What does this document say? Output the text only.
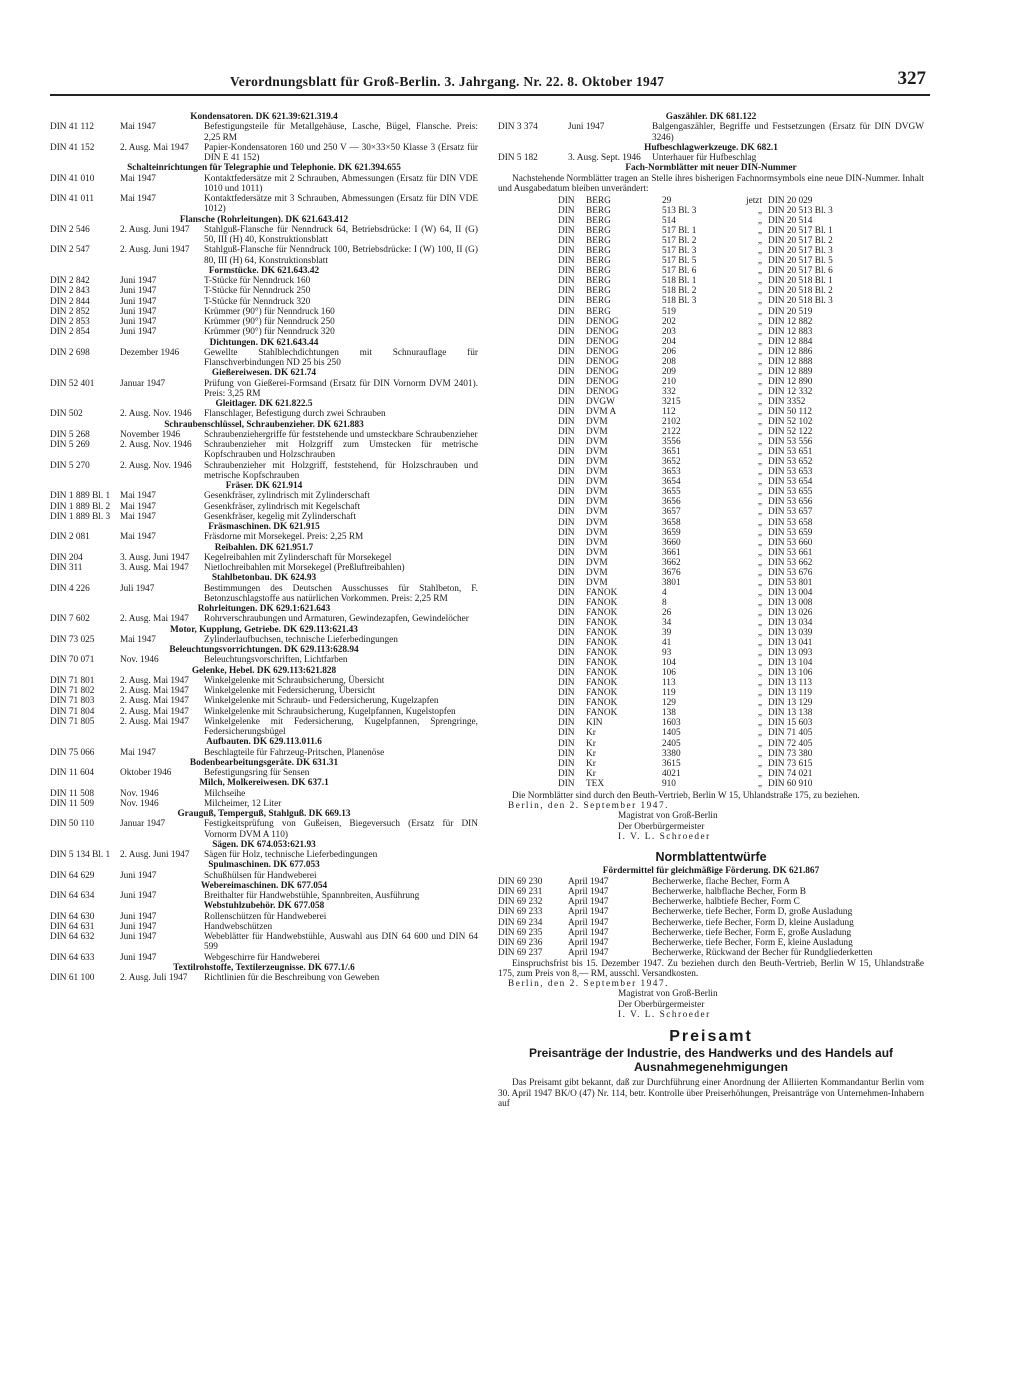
Verordnungsblatt für Groß-Berlin. 3. Jahrgang. Nr. 22. 8. Oktober 1947	327
Kondensatoren. DK 621.39:621.319.4
DIN 41 112	Mai 1947	Befestigungsteile für Metallgehäuse, Lasche, Bügel, Flansche. Preis: 2,25 RM
DIN 41 152	2. Ausg. Mai 1947	Papier-Kondensatoren 160 und 250 V — 30×33×50 Klasse 3 (Ersatz für DIN E 41 152)
Schalteinrichtungen für Telegraphie und Telephonie. DK 621.394.655
DIN 41 010	Mai 1947	Kontaktfedersätze mit 2 Schrauben, Abmessungen (Ersatz für DIN VDE 1010 und 1011)
DIN 41 011	Mai 1947	Kontaktfedersätze mit 3 Schrauben, Abmessungen (Ersatz für DIN VDE 1012)
Flansche (Rohrleitungen). DK 621.643.412
DIN 2 546	2. Ausg. Juni 1947	Stahlguß-Flansche für Nenndruck 64, Betriebsdrücke: I (W) 64, II (G) 50, III (H) 40, Konstruktionsblatt
DIN 2 547	2. Ausg. Juni 1947	Stahlguß-Flansche für Nenndruck 100, Betriebsdrücke: I (W) 100, II (G) 80, III (H) 64, Konstruktionsblatt
Formstücke. DK 621.643.42
DIN 2 842	Juni 1947	T-Stücke für Nenndruck 160
DIN 2 843	Juni 1947	T-Stücke für Nenndruck 250
DIN 2 844	Juni 1947	T-Stücke für Nenndruck 320
DIN 2 852	Juni 1947	Krümmer (90°) für Nenndruck 160
DIN 2 853	Juni 1947	Krümmer (90°) für Nenndruck 250
DIN 2 854	Juni 1947	Krümmer (90°) für Nenndruck 320
Dichtungen. DK 621.643.44
DIN 2 698	Dezember 1946	Gewellte Stahlblechdichtungen mit Schnurauflage für Flanschverbindungen ND 25 bis 250
Gießereiwesen. DK 621.74
DIN 52 401	Januar 1947	Prüfung von Gießerei-Formsand (Ersatz für DIN Vornorm DVM 2401). Preis: 3,25 RM
Gleitlager. DK 621.822.5
DIN 502	2. Ausg. Nov. 1946	Flanschlager, Befestigung durch zwei Schrauben
Schraubenschlüssel, Schraubenzieher. DK 621.883
DIN 5 268	November 1946	Schraubenziehergriffe für feststehende und umsteckbare Schraubenzieher
DIN 5 269	2. Ausg. Nov. 1946	Schraubenzieher mit Holzgriff zum Umstecken für metrische Kopfschrauben und Holzschrauben
DIN 5 270	2. Ausg. Nov. 1946	Schraubenzieher mit Holzgriff, feststehend, für Holzschrauben und metrische Kopfschrauben
Fräser. DK 621.914
DIN 1 889 Bl. 1	Mai 1947	Gesenkfräser, zylindrisch mit Zylinderschaft
DIN 1 889 Bl. 2	Mai 1947	Gesenkfräser, zylindrisch mit Kegelschaft
DIN 1 889 Bl. 3	Mai 1947	Gesenkfräser, kegelig mit Zylinderschaft
Fräsmaschinen. DK 621.915
DIN 2 081	Mai 1947	Fräsdorne mit Morsekegel. Preis: 2,25 RM
Reibahlen. DK 621.951.7
DIN 204	3. Ausg. Juni 1947	Kegelreibahlen mit Zylinderschaft für Morsekegel
DIN 311	3. Ausg. Mai 1947	Nietlochreibahlen mit Morsekegel (Preßluftreibahlen)
Stahlbetonbau. DK 624.93
DIN 4 226	Juli 1947	Bestimmungen des Deutschen Ausschusses für Stahlbeton, F. Betonzuschlagstoffe aus natürlichen Vorkommen. Preis: 2,25 RM
Rohrleitungen. DK 629.1:621.643
DIN 7 602	2. Ausg. Mai 1947	Rohrverschraubungen und Armaturen, Gewindezapfen, Gewindelöcher
Motor, Kupplung, Getriebe. DK 629.113:621.43
DIN 73 025	Mai 1947	Zylinderlaufbuchsen, technische Lieferbedingungen
Beleuchtungsvorrichtungen. DK 629.113:628.94
DIN 70 071	Nov. 1946	Beleuchtungsvorschriften, Lichtfarben
Gelenke, Hebel. DK 629.113:621.828
DIN 71 801	2. Ausg. Mai 1947	Winkelgelenke mit Schraubsicherung, Übersicht
DIN 71 802	2. Ausg. Mai 1947	Winkelgelenke mit Federsicherung, Übersicht
DIN 71 803	2. Ausg. Mai 1947	Winkelgelenke mit Schraub- und Federsicherung, Kugelzapfen
DIN 71 804	2. Ausg. Mai 1947	Winkelgelenke mit Schraubsicherung, Kugelpfannen, Kugelstopfen
DIN 71 805	2. Ausg. Mai 1947	Winkelgelenke mit Federsicherung, Kugelpfannen, Sprengringe, Federsicherungsbügel
Aufbauten. DK 629.113.011.6
DIN 75 066	Mai 1947	Beschlagteile für Fahrzeug-Pritschen, Planenöse
Bodenbearbeitungsgeräte. DK 631.31
DIN 11 604	Oktober 1946	Befestigungsring für Sensen
Milch, Molkereiwesen. DK 637.1
DIN 11 508	Nov. 1946	Milchseihe
DIN 11 509	Nov. 1946	Milcheimer, 12 Liter
Grauguß, Temperguß, Stahlguß. DK 669.13
DIN 50 110	Januar 1947	Festigkeitsprüfung von Gußeisen, Biegeversuch (Ersatz für DIN Vornorm DVM A 110)
Sägen. DK 674.053:621.93
DIN 5 134 Bl. 1	2. Ausg. Juni 1947	Sägen für Holz, technische Lieferbedingungen
Spulmaschinen. DK 677.053
DIN 64 629	Juni 1947	Schußhülsen für Handweberei
Webereimaschinen. DK 677.054
DIN 64 634	Juni 1947	Breithalter für Handwebstühle, Spannbreiten, Ausführung
Webstuhlzubehör. DK 677.058
DIN 64 630	Juni 1947	Rollenschützen für Handweberei
DIN 64 631	Juni 1947	Handwebschützen
DIN 64 632	Juni 1947	Webeblätter für Handwebstühle, Auswahl aus DIN 64 600 und DIN 64 599
DIN 64 633	Juni 1947	Webgeschirre für Handweberei
Textilrohstoffe, Textilerzeugnisse. DK 677.1/.6
DIN 61 100	2. Ausg. Juli 1947	Richtlinien für die Beschreibung von Geweben
Gaszähler. DK 681.122
DIN 3 374	Juni 1947	Balgengaszähler, Begriffe und Festsetzungen (Ersatz für DIN DVGW 3246)
Hufbeschlagwerkzeuge. DK 682.1
DIN 5 182	3. Ausg. Sept. 1946	Unterhauer für Hufbeschlag
Fach-Normblätter mit neuer DIN-Nummer
Nachstehende Normblätter tragen an Stelle ihres bisherigen Fachnormsymbols eine neue DIN-Nummer. Inhalt und Ausgabedatum bleiben unverändert:
DIN	BERG	29	jetzt DIN 20 029
DIN	BERG	513 Bl. 3	„ DIN 20 513 Bl. 3
DIN	BERG	514	„ DIN 20 514
DIN	BERG	517 Bl. 1	„ DIN 20 517 Bl. 1
DIN	BERG	517 Bl. 2	„ DIN 20 517 Bl. 2
DIN	BERG	517 Bl. 3	„ DIN 20 517 Bl. 3
DIN	BERG	517 Bl. 5	„ DIN 20 517 Bl. 5
DIN	BERG	517 Bl. 6	„ DIN 20 517 Bl. 6
DIN	BERG	518 Bl. 1	„ DIN 20 518 Bl. 1
DIN	BERG	518 Bl. 2	„ DIN 20 518 Bl. 2
DIN	BERG	518 Bl. 3	„ DIN 20 518 Bl. 3
DIN	BERG	519	„ DIN 20 519
DIN	DENOG	202	„ DIN 12 882
DIN	DENOG	203	„ DIN 12 883
DIN	DENOG	204	„ DIN 12 884
DIN	DENOG	206	„ DIN 12 886
DIN	DENOG	208	„ DIN 12 888
DIN	DENOG	209	„ DIN 12 889
DIN	DENOG	210	„ DIN 12 890
DIN	DENOG	332	„ DIN 12 332
DIN	DVGW	3215	„ DIN 3352
DIN	DVM A	112	„ DIN 50 112
DIN	DVM	2102	„ DIN 52 102
DIN	DVM	2122	„ DIN 52 122
DIN	DVM	3556	„ DIN 53 556
DIN	DVM	3651	„ DIN 53 651
DIN	DVM	3652	„ DIN 53 652
DIN	DVM	3653	„ DIN 53 653
DIN	DVM	3654	„ DIN 53 654
DIN	DVM	3655	„ DIN 53 655
DIN	DVM	3656	„ DIN 53 656
DIN	DVM	3657	„ DIN 53 657
DIN	DVM	3658	„ DIN 53 658
DIN	DVM	3659	„ DIN 53 659
DIN	DVM	3660	„ DIN 53 660
DIN	DVM	3661	„ DIN 53 661
DIN	DVM	3662	„ DIN 53 662
DIN	DVM	3676	„ DIN 53 676
DIN	DVM	3801	„ DIN 53 801
DIN	FANOK	4	„ DIN 13 004
DIN	FANOK	8	„ DIN 13 008
DIN	FANOK	26	„ DIN 13 026
DIN	FANOK	34	„ DIN 13 034
DIN	FANOK	39	„ DIN 13 039
DIN	FANOK	41	„ DIN 13 041
DIN	FANOK	93	„ DIN 13 093
DIN	FANOK	104	„ DIN 13 104
DIN	FANOK	106	„ DIN 13 106
DIN	FANOK	113	„ DIN 13 113
DIN	FANOK	119	„ DIN 13 119
DIN	FANOK	129	„ DIN 13 129
DIN	FANOK	138	„ DIN 13 138
DIN	KIN	1603	„ DIN 15 603
DIN	Kr	1405	„ DIN 71 405
DIN	Kr	2405	„ DIN 72 405
DIN	Kr	3380	„ DIN 73 380
DIN	Kr	3615	„ DIN 73 615
DIN	Kr	4021	„ DIN 74 021
DIN	TEX	910	„ DIN 60 910
Die Normblätter sind durch den Beuth-Vertrieb, Berlin W 15, Uhlandstraße 175, zu beziehen.
Berlin, den 2. September 1947.
Magistrat von Groß-Berlin
Der Oberbürgermeister
I. V. L. Schroeder
Normblattentwürfe
Fördermittel für gleichmäßige Förderung. DK 621.867
DIN 69 230	April 1947	Becherwerke, flache Becher, Form A
DIN 69 231	April 1947	Becherwerke, halbflache Becher, Form B
DIN 69 232	April 1947	Becherwerke, halbtiefe Becher, Form C
DIN 69 233	April 1947	Becherwerke, tiefe Becher, Form D, große Ausladung
DIN 69 234	April 1947	Becherwerke, tiefe Becher, Form D, kleine Ausladung
DIN 69 235	April 1947	Becherwerke, tiefe Becher, Form E, große Ausladung
DIN 69 236	April 1947	Becherwerke, tiefe Becher, Form E, kleine Ausladung
DIN 69 237	April 1947	Becherwerke, Rückwand der Becher für Rundgliederketten
Einspruchsfrist bis 15. Dezember 1947. Zu beziehen durch den Beuth-Vertrieb, Berlin W 15, Uhlandstraße 175, zum Preis von 8,— RM, ausschl. Versandkosten.
Berlin, den 2. September 1947.
Magistrat von Groß-Berlin
Der Oberbürgermeister
I. V. L. Schroeder
Preisamt
Preisanträge der Industrie, des Handwerks und des Handels auf Ausnahmegenehmigungen
Das Preisamt gibt bekannt, daß zur Durchführung einer Anordnung der Alliierten Kommandantur Berlin vom 30. April 1947 BK/O (47) Nr. 114, betr. Kontrolle über Preiserhöhungen, Preisanträge von Unternehmen-Inhabern auf
